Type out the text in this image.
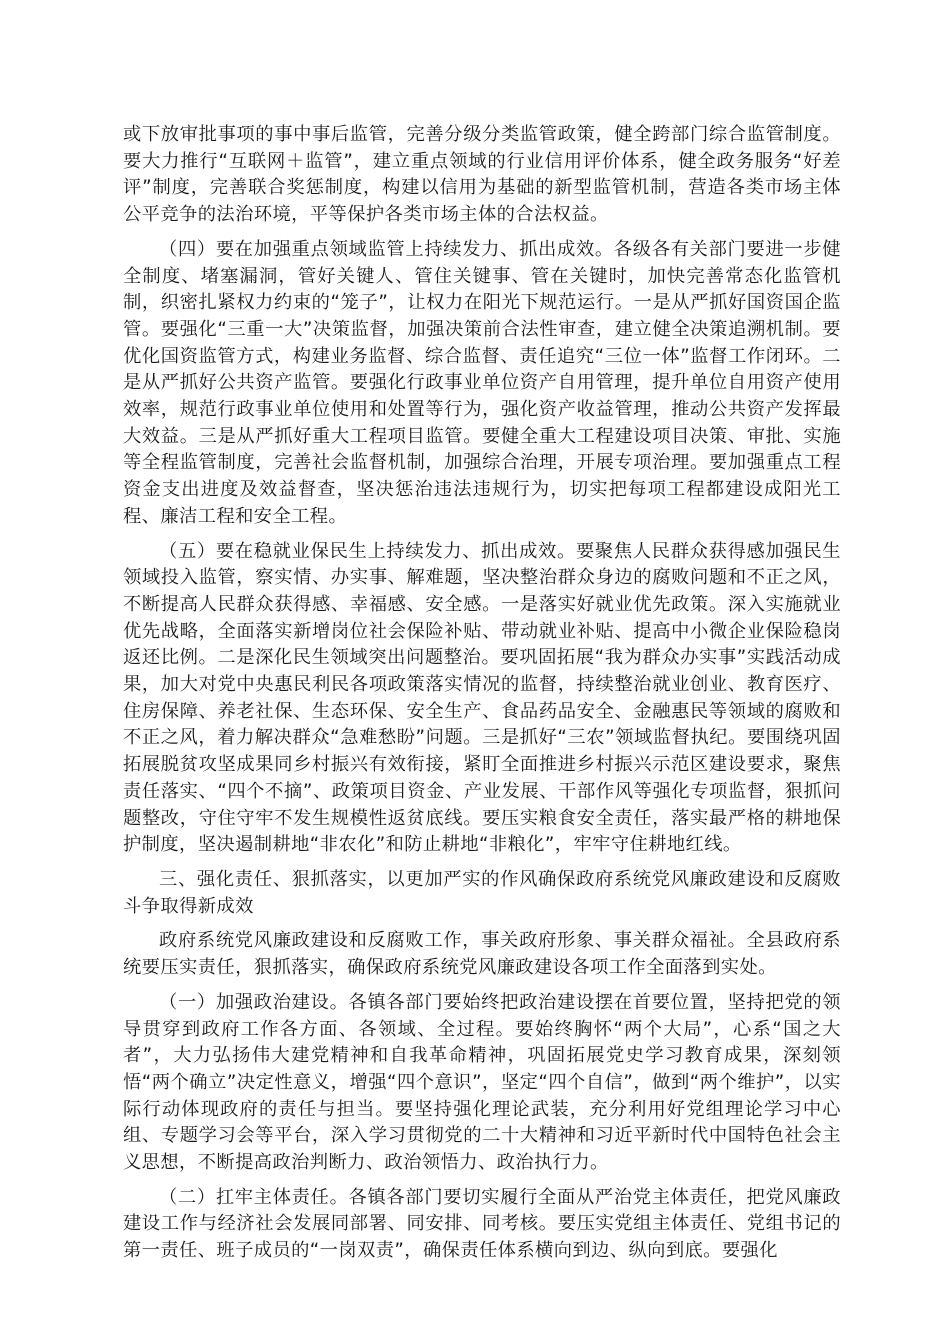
或下放审批事项的事中事后监管，完善分级分类监管政策，健全跨部门综合监管制度。要大力推行“互联网＋监管”，建立重点领域的行业信用评价体系，健全政务服务“好差评”制度，完善联合奖惩制度，构建以信用为基础的新型监管机制，营造各类市场主体公平竞争的法治环境，平等保护各类市场主体的合法权益。

（四）要在加强重点领域监管上持续发力、抓出成效。各级各有关部门要进一步健全制度、堵塞漏洞，管好关键人、管住关键事、管在关键时，加快完善常态化监管机制，织密扎紧权力约束的“笼子”，让权力在阳光下规范运行。一是从严抓好国资国企监管。要强化“三重一大”决策监督，加强决策前合法性审查，建立健全决策追溯机制。要优化国资监管方式，构建业务监督、综合监督、责任追究“三位一体”监督工作闭环。二是从严抓好公共资产监管。要强化行政事业单位资产自用管理，提升单位自用资产使用效率，规范行政事业单位使用和处置等行为，强化资产收益管理，推动公共资产发挥最大效益。三是从严抓好重大工程项目监管。要健全重大工程建设项目决策、审批、实施等全程监管制度，完善社会监督机制，加强综合治理，开展专项治理。要加强重点工程资金支出进度及效益督查，坚决惩治违法违规行为，切实把每项工程都建设成阳光工程、廉洁工程和安全工程。

（五）要在稳就业保民生上持续发力、抓出成效。要聚焦人民群众获得感加强民生领域投入监管，察实情、办实事、解难题，坚决整治群众身边的腐败问题和不正之风，不断提高人民群众获得感、幸福感、安全感。一是落实好就业优先政策。深入实施就业优先战略，全面落实新增岗位社会保险补贴、带动就业补贴、提高中小微企业保险稳岗返还比例。二是深化民生领域突出问题整治。要巩固拓展“我为群众办实事”实践活动成果，加大对党中央惠民利民各项政策落实情况的监督，持续整治就业创业、教育医疗、住房保障、养老社保、生态环保、安全生产、食品药品安全、金融惠民等领域的腐败和不正之风，着力解决群众“急难愁盼”问题。三是抓好“三农”领域监督执纪。要围绕巩固拓展脱贫攻坚成果同乡村振兴有效衔接，紧盯全面推进乡村振兴示范区建设要求，聚焦责任落实、“四个不摘”、政策项目资金、产业发展、干部作风等强化专项监督，狠抓问题整改，守住守牢不发生规模性返贫底线。要压实粮食安全责任，落实最严格的耕地保护制度，坚决遏制耕地“非农化”和防止耕地“非粮化”，牢牢守住耕地红线。

三、强化责任、狠抓落实，以更加严实的作风确保政府系统党风廉政建设和反腐败斗争取得新成效

政府系统党风廉政建设和反腐败工作，事关政府形象、事关群众福祉。全县政府系统要压实责任，狠抓落实，确保政府系统党风廉政建设各项工作全面落到实处。

（一）加强政治建设。各镇各部门要始终把政治建设摆在首要位置，坚持把党的领导贯穿到政府工作各方面、各领域、全过程。要始终胸怀“两个大局”，心系“国之大者”，大力弘扬伟大建党精神和自我革命精神，巩固拓展党史学习教育成果，深刻领悟“两个确立”决定性意义，增强“四个意识”，坚定“四个自信”，做到“两个维护”，以实际行动体现政府的责任与担当。要坚持强化理论武装，充分利用好党组理论学习中心组、专题学习会等平台，深入学习贯彻党的二十大精神和习近平新时代中国特色社会主义思想，不断提高政治判断力、政治领悟力、政治执行力。

（二）扛牢主体责任。各镇各部门要切实履行全面从严治党主体责任，把党风廉政建设工作与经济社会发展同部署、同安排、同考核。要压实党组主体责任、党组书记的第一责任、班子成员的“一岗双责”，确保责任体系横向到边、纵向到底。要强化
